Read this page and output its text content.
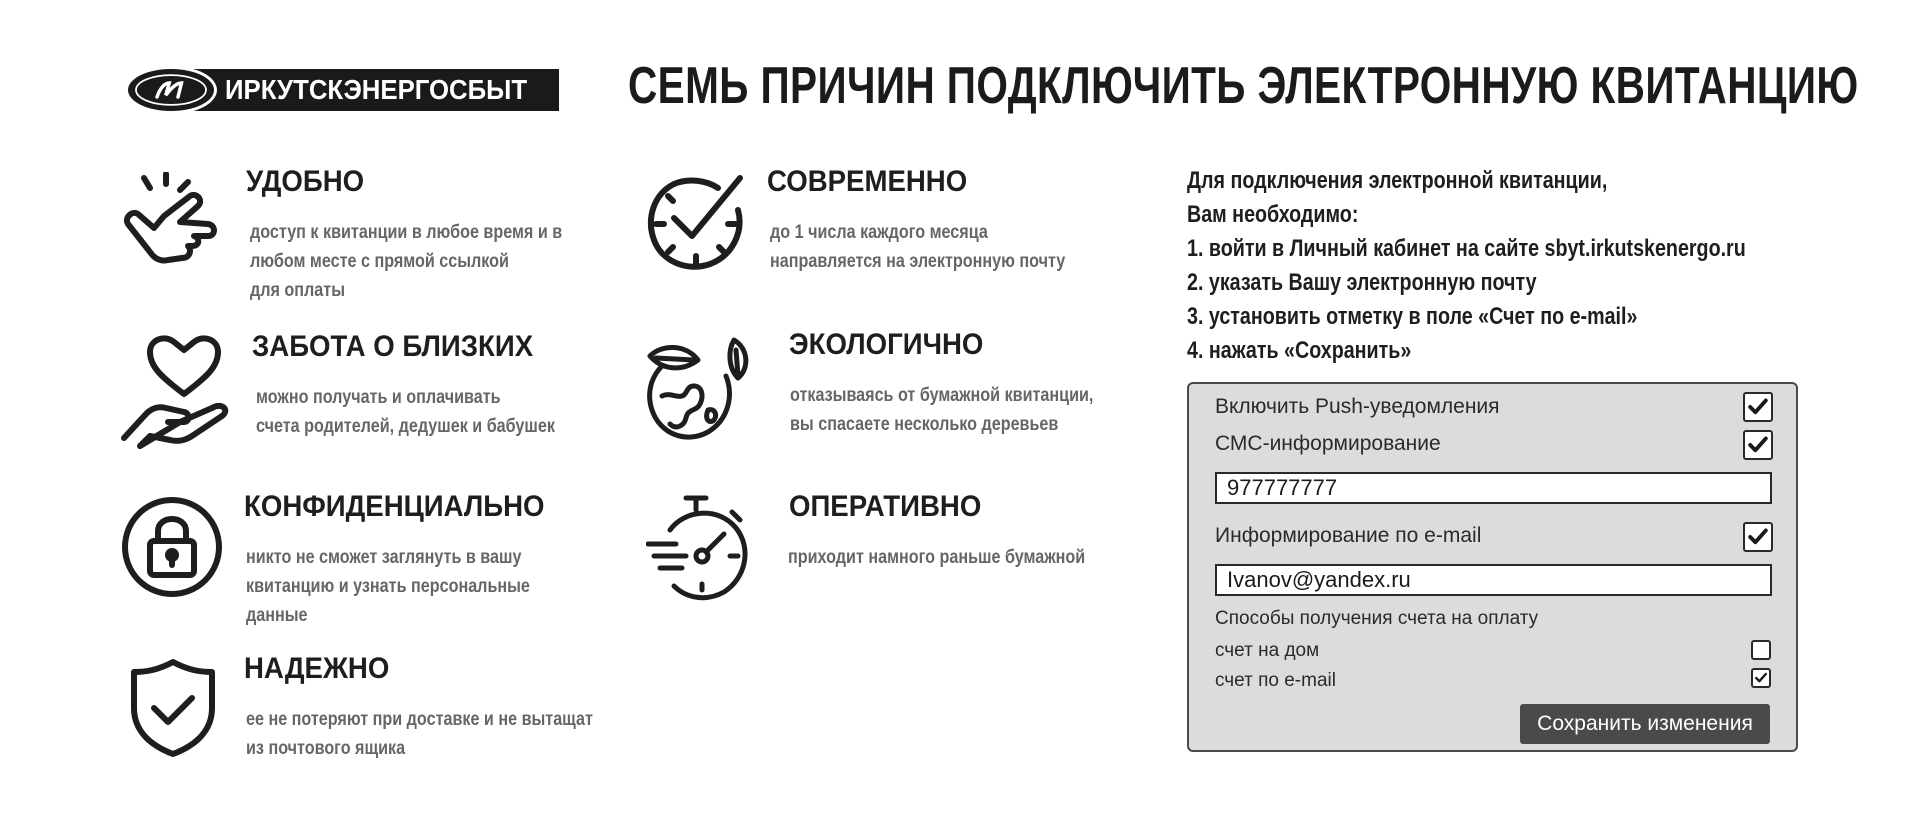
ИРКУТСКЭНЕРГОСБЫТ СЕМЬ ПРИЧИН ПОДКЛЮЧИТЬ ЭЛЕКТРОННУЮ КВИТАНЦИЮ
УДОБНО
доступ к квитанции в любое время и в
любом месте с прямой ссылкой
для оплаты
ЗАБОТА О БЛИЗКИХ
можно получать и оплачивать
счета родителей, дедушек и бабушек
КОНФИДЕНЦИАЛЬНО
никто не сможет заглянуть в вашу
квитанцию и узнать персональные
данные
НАДЕЖНО
ее не потеряют при доставке и не вытащат
из почтового ящика
СОВРЕМЕННО
до 1 числа каждого месяца
направляется на электронную почту
ЭКОЛОГИЧНО
отказываясь от бумажной квитанции,
вы спасаете несколько деревьев
ОПЕРАТИВНО
приходит намного раньше бумажной
Для подключения электронной квитанции,
Вам необходимо:
1. войти в Личный кабинет на сайте sbyt.irkutskenergo.ru
2. указать Вашу электронную почту
3. установить отметку в поле «Счет по e-mail»
4. нажать «Сохранить»
Включить Push-уведомления
СМС-информирование
977777777
Информирование по e-mail
Ivanov@yandex.ru
Способы получения счета на оплату
счет на дом
счет по e-mail
Сохранить изменения
